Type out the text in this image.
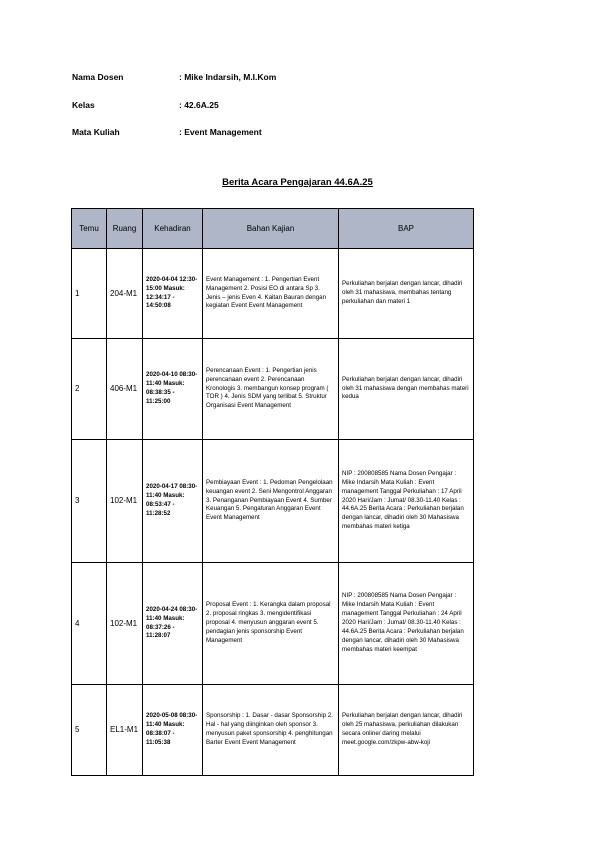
Nama Dosen	: Mike Indarsih, M.I.Kom
Kelas	: 42.6A.25
Mata Kuliah	: Event Management
Berita Acara Pengajaran 44.6A.25
Temu	Ruang	Kehadiran	Bahan Kajian	BAP
1	204-M1	2020-04-04 12:30-15:00 Masuk: 12:34:17 - 14:50:08	Event Management : 1. Pengertian Event Management 2. Posisi EO di antara Sp 3. Jenis – jenis Even 4. Kaitan Bauran dengan kegiatan Event Event Management	Perkuliahan berjalan dengan lancar, dihadiri oleh 31 mahasiswa, membahas tentang perkuliahan dan materi 1
2	406-M1	2020-04-10 08:30-11:40 Masuk: 08:38:35 - 11:25:00	Perencanaan Event : 1. Pengertian jenis perencanaan event 2. Perencanaan Kronologis 3. membangun konsep program ( TOR ) 4. Jenis SDM yang terlibat 5. Struktur Organisasi Event Management	Perkuliahan berjalan dengan lancar, dihadiri oleh 31 mahasiswa dengan membahas materi kedua
3	102-M1	2020-04-17 08:30-11:40 Masuk: 08:53:47 - 11:28:52	Pembiayaan Event : 1. Pedoman Pengelolaan keuangan event 2. Seni Mengontrol Anggaran 3. Penanganan Pembiayaan Event 4. Sumber Keuangan 5. Pengaturan Anggaran Event Event Management	NIP : 200808585 Nama Dosen Pengajar : Mike Indarsih Mata Kuliah : Event management Tanggal Perkuliahan : 17 April 2020 Hari/Jam : Jumat/ 08.30-11.40 Kelas : 44.6A.25 Berita Acara : Perkuliahan berjalan dengan lancar, dihadiri oleh 30 Mahasiswa membahas materi ketiga
4	102-M1	2020-04-24 08:30-11:40 Masuk: 08:37:26 - 11:28:07	Proposal Event : 1. Kerangka dalam proposal 2. proposal ringkas 3. mengidentifikasi proposal 4. menyusun anggaran event 5. pendagian jenis sponsorship Event Management	NIP : 200808585 Nama Dosen Pengajar : Mike Indarsih Mata Kuliah : Event management Tanggal Perkuliahan : 24 April 2020 Hari/Jam : Jumat/ 08.30-11.40 Kelas : 44.6A.25 Berita Acara : Perkuliahan berjalan dengan lancar, dihadiri oleh 30 Mahasiswa membahas materi keempat
5	EL1-M1	2020-05-08 08:30-11:40 Masuk: 08:38:07 - 11:05:38	Sponsorship : 1. Dasar - dasar Sponsorship 2. Hal - hal yang diinginkan oleh sponsor 3. menyusun paket sponsorship 4. penghitungan Barter Event Event Management	Perkuliahan berjalan dengan lancar, dihadiri oleh 25 mahasiswa, perkuliahan dilakukan secara online/ daring melalui meet.google.com/zkpw-abw-koji
